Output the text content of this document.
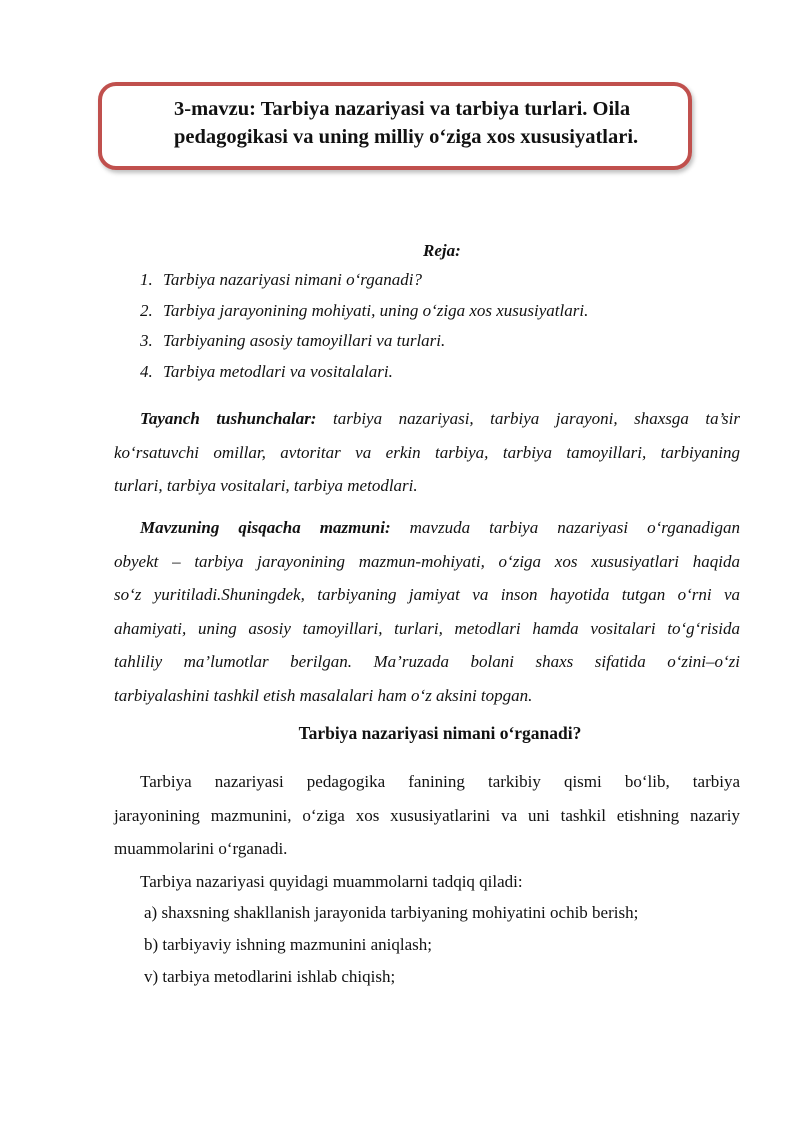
3-mavzu: Tarbiya nazariyasi va tarbiya turlari. Oila
pedagogikasi va uning milliy o‘ziga xos xususiyatlari.

Reja:

1. Tarbiya nazariyasi nimani o‘rganadi?
2. Tarbiya jarayonining mohiyati, uning o‘ziga xos xususiyatlari.
3. Tarbiyaning asosiy tamoyillari va turlari.
4. Tarbiya metodlari va vositalalari.

Tayanch tushunchalar: tarbiya nazariyasi, tarbiya jarayoni, shaxsga ta’sir
ko‘rsatuvchi omillar, avtoritar va erkin tarbiya, tarbiya tamoyillari, tarbiyaning
turlari, tarbiya vositalari, tarbiya metodlari.

Mavzuning qisqacha mazmuni: mavzuda tarbiya nazariyasi o‘rganadigan
obyekt – tarbiya jarayonining mazmun-mohiyati, o‘ziga xos xususiyatlari haqida
so‘z yuritiladi.Shuningdek, tarbiyaning jamiyat va inson hayotida tutgan o‘rni va
ahamiyati, uning asosiy tamoyillari, turlari, metodlari hamda vositalari to‘g‘risida
tahliliy ma’lumotlar berilgan. Ma’ruzada bolani shaxs sifatida o‘zini–o‘zi
tarbiyalashini tashkil etish masalalari ham o‘z aksini topgan.

Tarbiya nazariyasi nimani o‘rganadi?

Tarbiya nazariyasi pedagogika fanining tarkibiy qismi bo‘lib, tarbiya
jarayonining mazmunini, o‘ziga xos xususiyatlarini va uni tashkil etishning nazariy
muammolarini o‘rganadi.

Tarbiya nazariyasi quyidagi muammolarni tadqiq qiladi:

a) shaxsning shakllanish jarayonida tarbiyaning mohiyatini ochib berish;

b) tarbiyaviy ishning mazmunini aniqlash;

v) tarbiya metodlarini ishlab chiqish;
